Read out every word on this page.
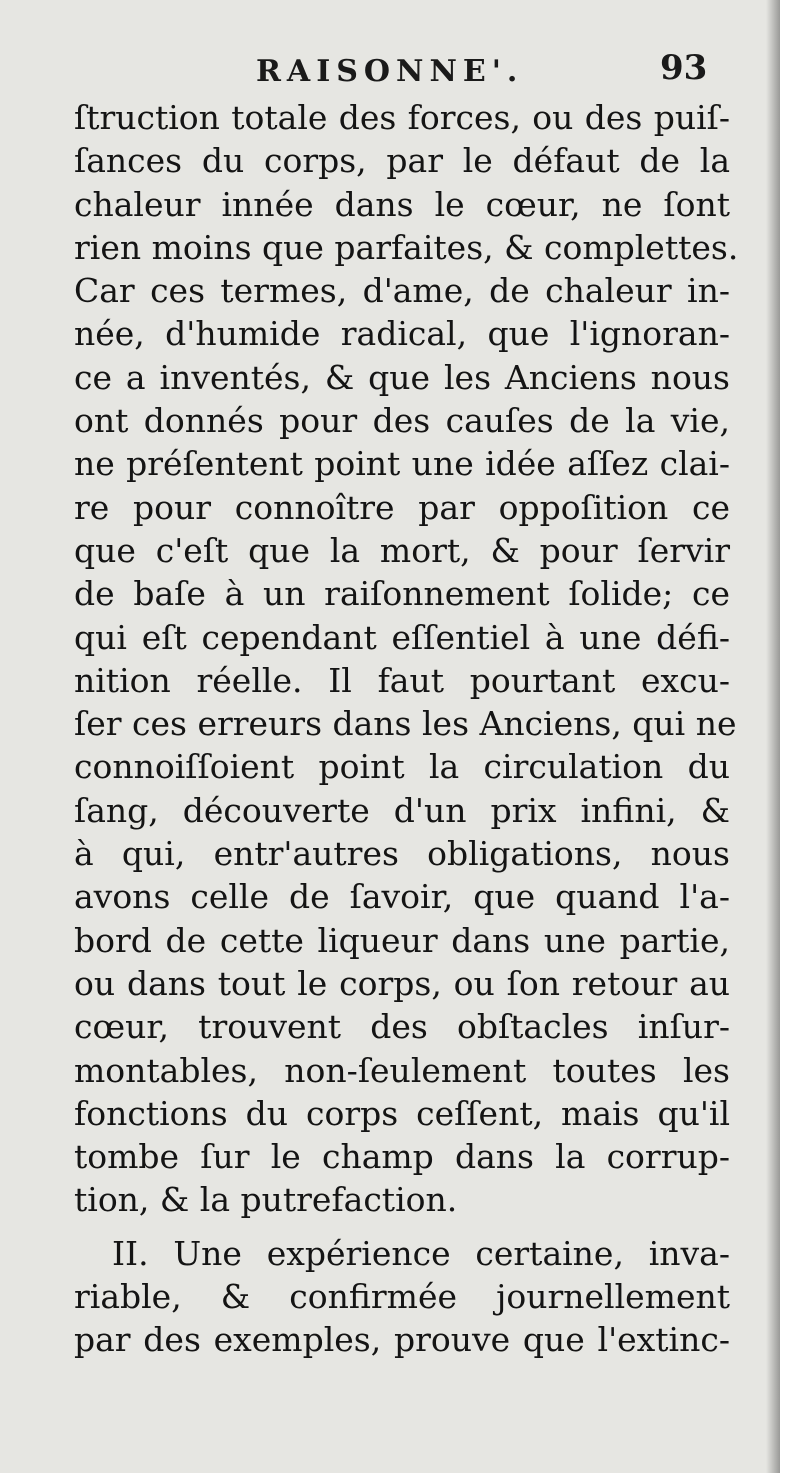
RAISONNE'.	93
ſtruction totale des forces, ou des puiſ-
ſances du corps, par le défaut de la
chaleur innée dans le cœur, ne ſont
rien moins que parfaites, & complettes.
Car ces termes, d'ame, de chaleur in-
née, d'humide radical, que l'ignoran-
ce a inventés, & que les Anciens nous
ont donnés pour des cauſes de la vie,
ne préſentent point une idée aſſez clai-
re pour connoître par oppoſition ce
que c'eſt que la mort, & pour ſervir
de baſe à un raiſonnement ſolide; ce
qui eſt cependant eſſentiel à une défi-
nition réelle. Il faut pourtant excu-
ſer ces erreurs dans les Anciens, qui ne
connoiſſoient point la circulation du
ſang, découverte d'un prix infini, &
à qui, entr'autres obligations, nous
avons celle de ſavoir, que quand l'a-
bord de cette liqueur dans une partie,
ou dans tout le corps, ou ſon retour au
cœur, trouvent des obſtacles inſur-
montables, non-ſeulement toutes les
fonctions du corps ceſſent, mais qu'il
tombe ſur le champ dans la corrup-
tion, & la putrefaction.
II. Une expérience certaine, inva-
riable, & confirmée journellement
par des exemples, prouve que l'extinc-
